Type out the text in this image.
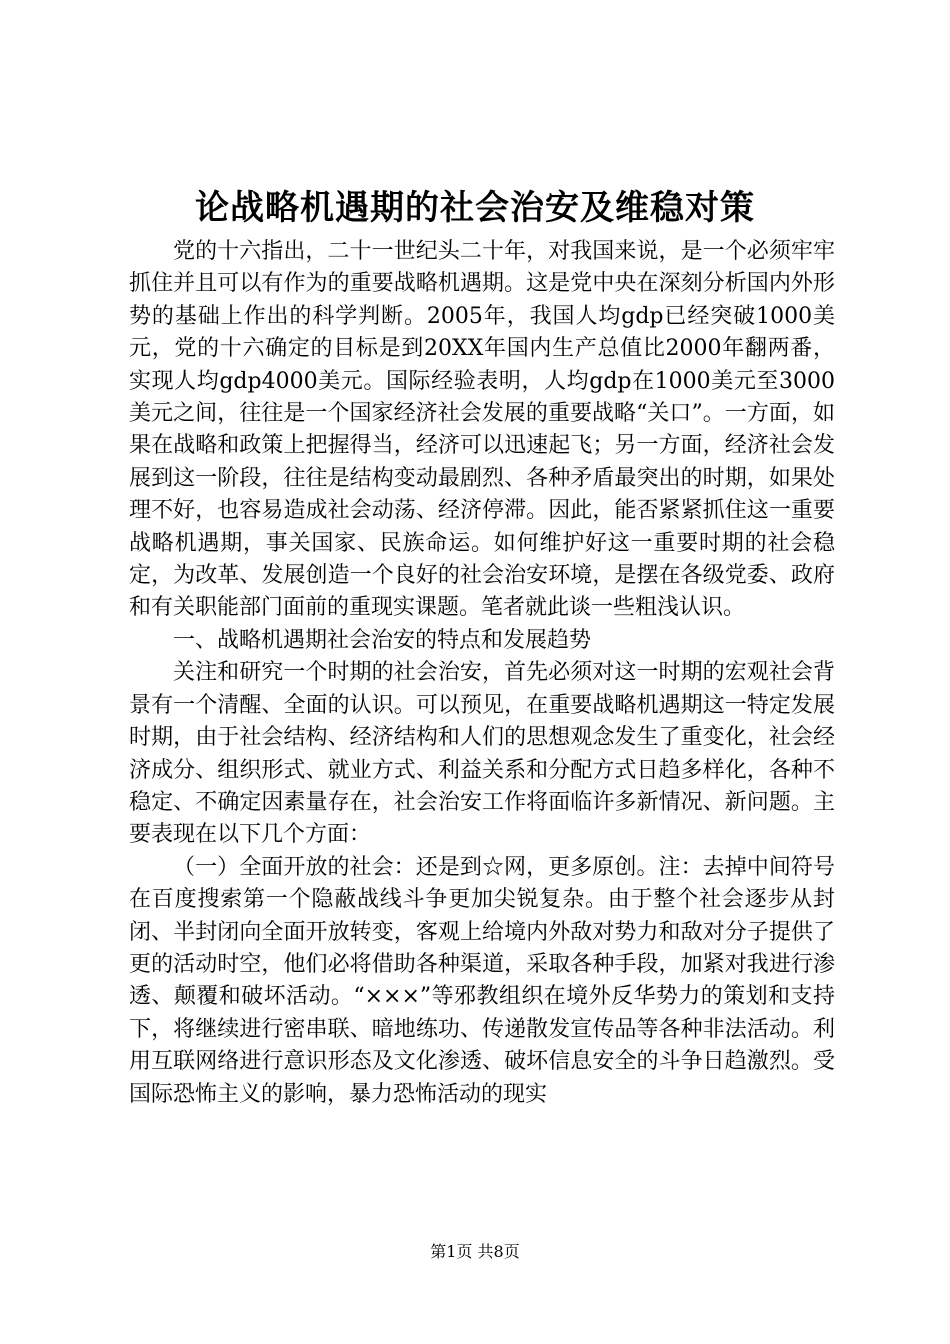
论战略机遇期的社会治安及维稳对策

党的十六指出，二十一世纪头二十年，对我国来说，是一个必须牢牢抓住并且可以有作为的重要战略机遇期。这是党中央在深刻分析国内外形势的基础上作出的科学判断。2005年，我国人均gdp已经突破1000美元，党的十六确定的目标是到20XX年国内生产总值比2000年翻两番，实现人均gdp4000美元。国际经验表明，人均gdp在1000美元至3000美元之间，往往是一个国家经济社会发展的重要战略“关口”。一方面，如果在战略和政策上把握得当，经济可以迅速起飞；另一方面，经济社会发展到这一阶段，往往是结构变动最剧烈、各种矛盾最突出的时期，如果处理不好，也容易造成社会动荡、经济停滞。因此，能否紧紧抓住这一重要战略机遇期，事关国家、民族命运。如何维护好这一重要时期的社会稳定，为改革、发展创造一个良好的社会治安环境，是摆在各级党委、政府和有关职能部门面前的重现实课题。笔者就此谈一些粗浅认识。

一、战略机遇期社会治安的特点和发展趋势

关注和研究一个时期的社会治安，首先必须对这一时期的宏观社会背景有一个清醒、全面的认识。可以预见，在重要战略机遇期这一特定发展时期，由于社会结构、经济结构和人们的思想观念发生了重变化，社会经济成分、组织形式、就业方式、利益关系和分配方式日趋多样化，各种不稳定、不确定因素量存在，社会治安工作将面临许多新情况、新问题。主要表现在以下几个方面：

（一）全面开放的社会：还是到☆网，更多原创。注：去掉中间符号在百度搜索第一个隐蔽战线斗争更加尖锐复杂。由于整个社会逐步从封闭、半封闭向全面开放转变，客观上给境内外敌对势力和敌对分子提供了更的活动时空，他们必将借助各种渠道，采取各种手段，加紧对我进行渗透、颠覆和破坏活动。“×××”等邪教组织在境外反华势力的策划和支持下，将继续进行密串联、暗地练功、传递散发宣传品等各种非法活动。利用互联网络进行意识形态及文化渗透、破坏信息安全的斗争日趋激烈。受国际恐怖主义的影响，暴力恐怖活动的现实

第1页 共8页
